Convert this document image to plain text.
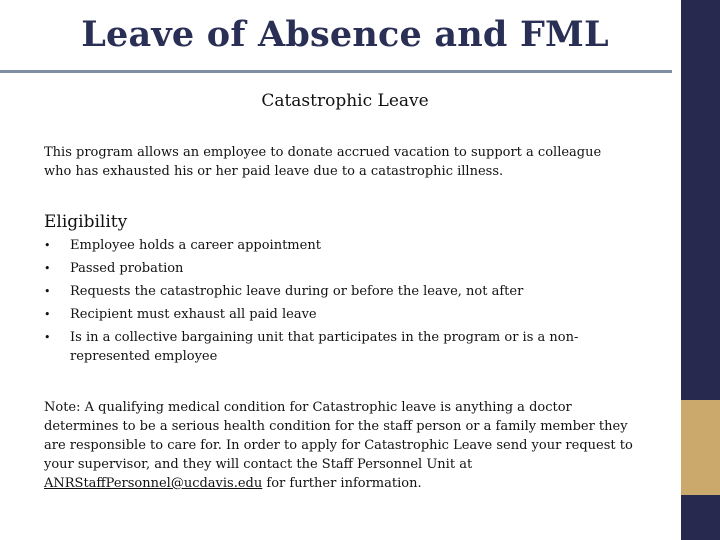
Leave of Absence and FML
Catastrophic Leave

This program allows an employee to donate accrued vacation to support a colleague
who has exhausted his or her paid leave due to a catastrophic illness.

Eligibility
• Employee holds a career appointment
• Passed probation
• Requests the catastrophic leave during or before the leave, not after
• Recipient must exhaust all paid leave
• Is in a collective bargaining unit that participates in the program or is a non-
represented employee

Note: A qualifying medical condition for Catastrophic leave is anything a doctor
determines to be a serious health condition for the staff person or a family member they
are responsible to care for. In order to apply for Catastrophic Leave send your request to
your supervisor, and they will contact the Staff Personnel Unit at
ANRStaffPersonnel@ucdavis.edu for further information.
